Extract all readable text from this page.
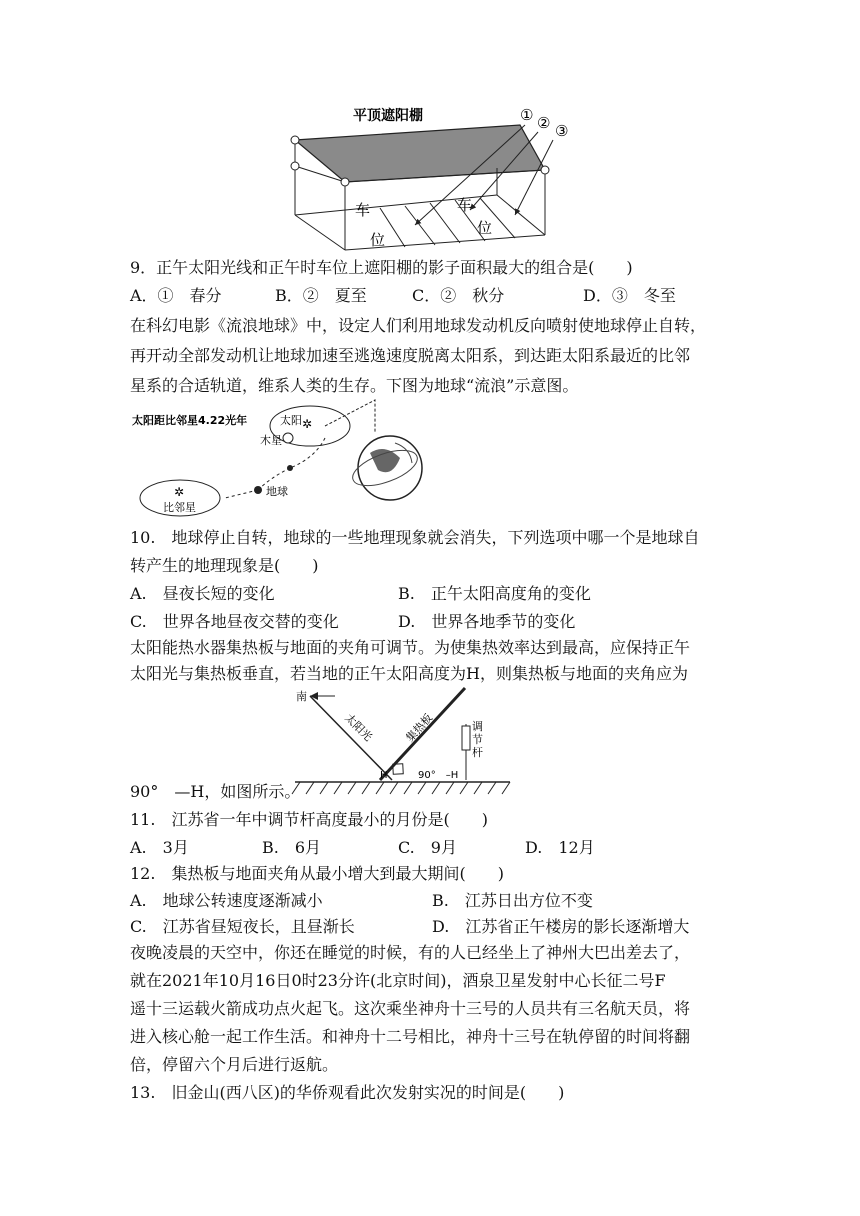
平顶遮阳棚	① ② ③
车
位
车
位
9．正午太阳光线和正午时车位上遮阳棚的影子面积最大的组合是(　　)
A．①　春分	B．②　夏至	C．②　秋分	D．③　冬至
在科幻电影《流浪地球》中，设定人们利用地球发动机反向喷射使地球停止自转，
再开动全部发动机让地球加速至逃逸速度脱离太阳系，到达距太阳系最近的比邻
星系的合适轨道，维系人类的生存。下图为地球“流浪”示意图。
太阳距比邻星4.22光年	太阳 ✲
木星
地球
✲
比邻星
10.　地球停止自转，地球的一些地理现象就会消失，下列选项中哪一个是地球自
转产生的地理现象是(　　)
A.　昼夜长短的变化	B.　正午太阳高度角的变化
C.　世界各地昼夜交替的变化	D.　世界各地季节的变化
太阳能热水器集热板与地面的夹角可调节。为使集热效率达到最高，应保持正午
太阳光与集热板垂直，若当地的正午太阳高度为H，则集热板与地面的夹角应为
南
太阳光	集热板	调
节
杆
H	90°　–H
90°　—H，如图所示。
11.　江苏省一年中调节杆高度最小的月份是(　　)
A.　3月	B.　6月	C.　9月	D.　12月
12.　集热板与地面夹角从最小增大到最大期间(　　)
A.　地球公转速度逐渐减小	B.　江苏日出方位不变
C.　江苏省昼短夜长，且昼渐长	D.　江苏省正午楼房的影长逐渐增大
夜晚凌晨的天空中，你还在睡觉的时候，有的人已经坐上了神州大巴出差去了，
就在2021年10月16日0时23分许(北京时间)，酒泉卫星发射中心长征二号F
遥十三运载火箭成功点火起飞。这次乘坐神舟十三号的人员共有三名航天员，将
进入核心舱一起工作生活。和神舟十二号相比，神舟十三号在轨停留的时间将翻
倍，停留六个月后进行返航。
13.　旧金山(西八区)的华侨观看此次发射实况的时间是(　　)
